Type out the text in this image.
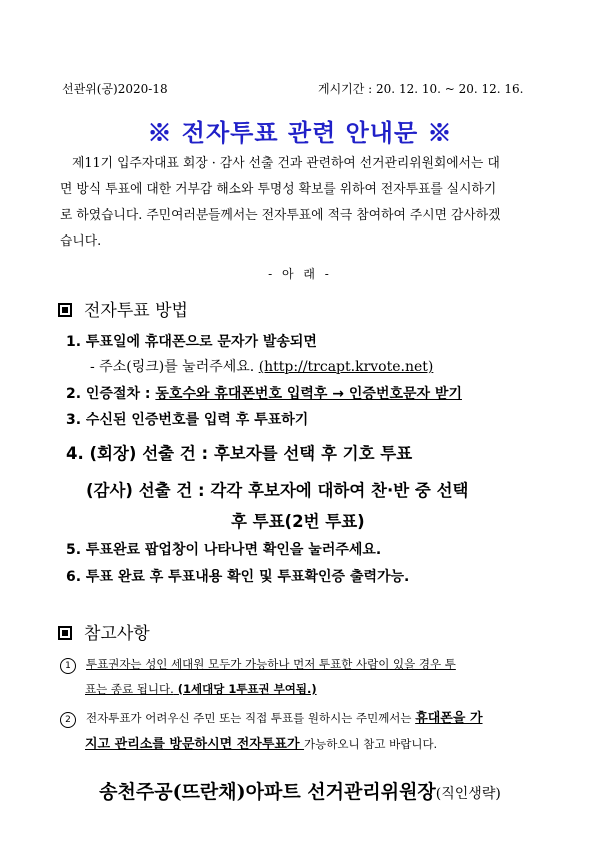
선관위(공)2020-18	게시기간 : 20. 12. 10. ~ 20. 12. 16.
※ 전자투표 관련 안내문 ※
제11기 입주자대표 회장 · 감사 선출 건과 관련하여 선거관리위원회에서는 대
면 방식 투표에 대한 거부감 해소와 투명성 확보를 위하여 전자투표를 실시하기
로 하였습니다. 주민여러분들께서는 전자투표에 적극 참여하여 주시면 감사하겠
습니다.
- 아 래 -
전자투표 방법
1. 투표일에 휴대폰으로 문자가 발송되면
- 주소(링크)를 눌러주세요. (http://trcapt.krvote.net)
2. 인증절차 : 동호수와 휴대폰번호 입력후 → 인증번호문자 받기
3. 수신된 인증번호를 입력 후 투표하기
4. (회장) 선출 건 : 후보자를 선택 후 기호 투표
(감사) 선출 건 : 각각 후보자에 대하여 찬·반 중 선택
후 투표(2번 투표)
5. 투표완료 팝업창이 나타나면 확인을 눌러주세요.
6. 투표 완료 후 투표내용 확인 및 투표확인증 출력가능.
참고사항
1 투표권자는 성인 세대원 모두가 가능하나 먼저 투표한 사람이 있을 경우 투
표는 종료 됩니다. (1세대당 1투표권 부여됨.)
2 전자투표가 어려우신 주민 또는 직접 투표를 원하시는 주민께서는 휴대폰을 가
지고 관리소를 방문하시면 전자투표가 가능하오니 참고 바랍니다.
송천주공(뜨란채)아파트 선거관리위원장(직인생략)
